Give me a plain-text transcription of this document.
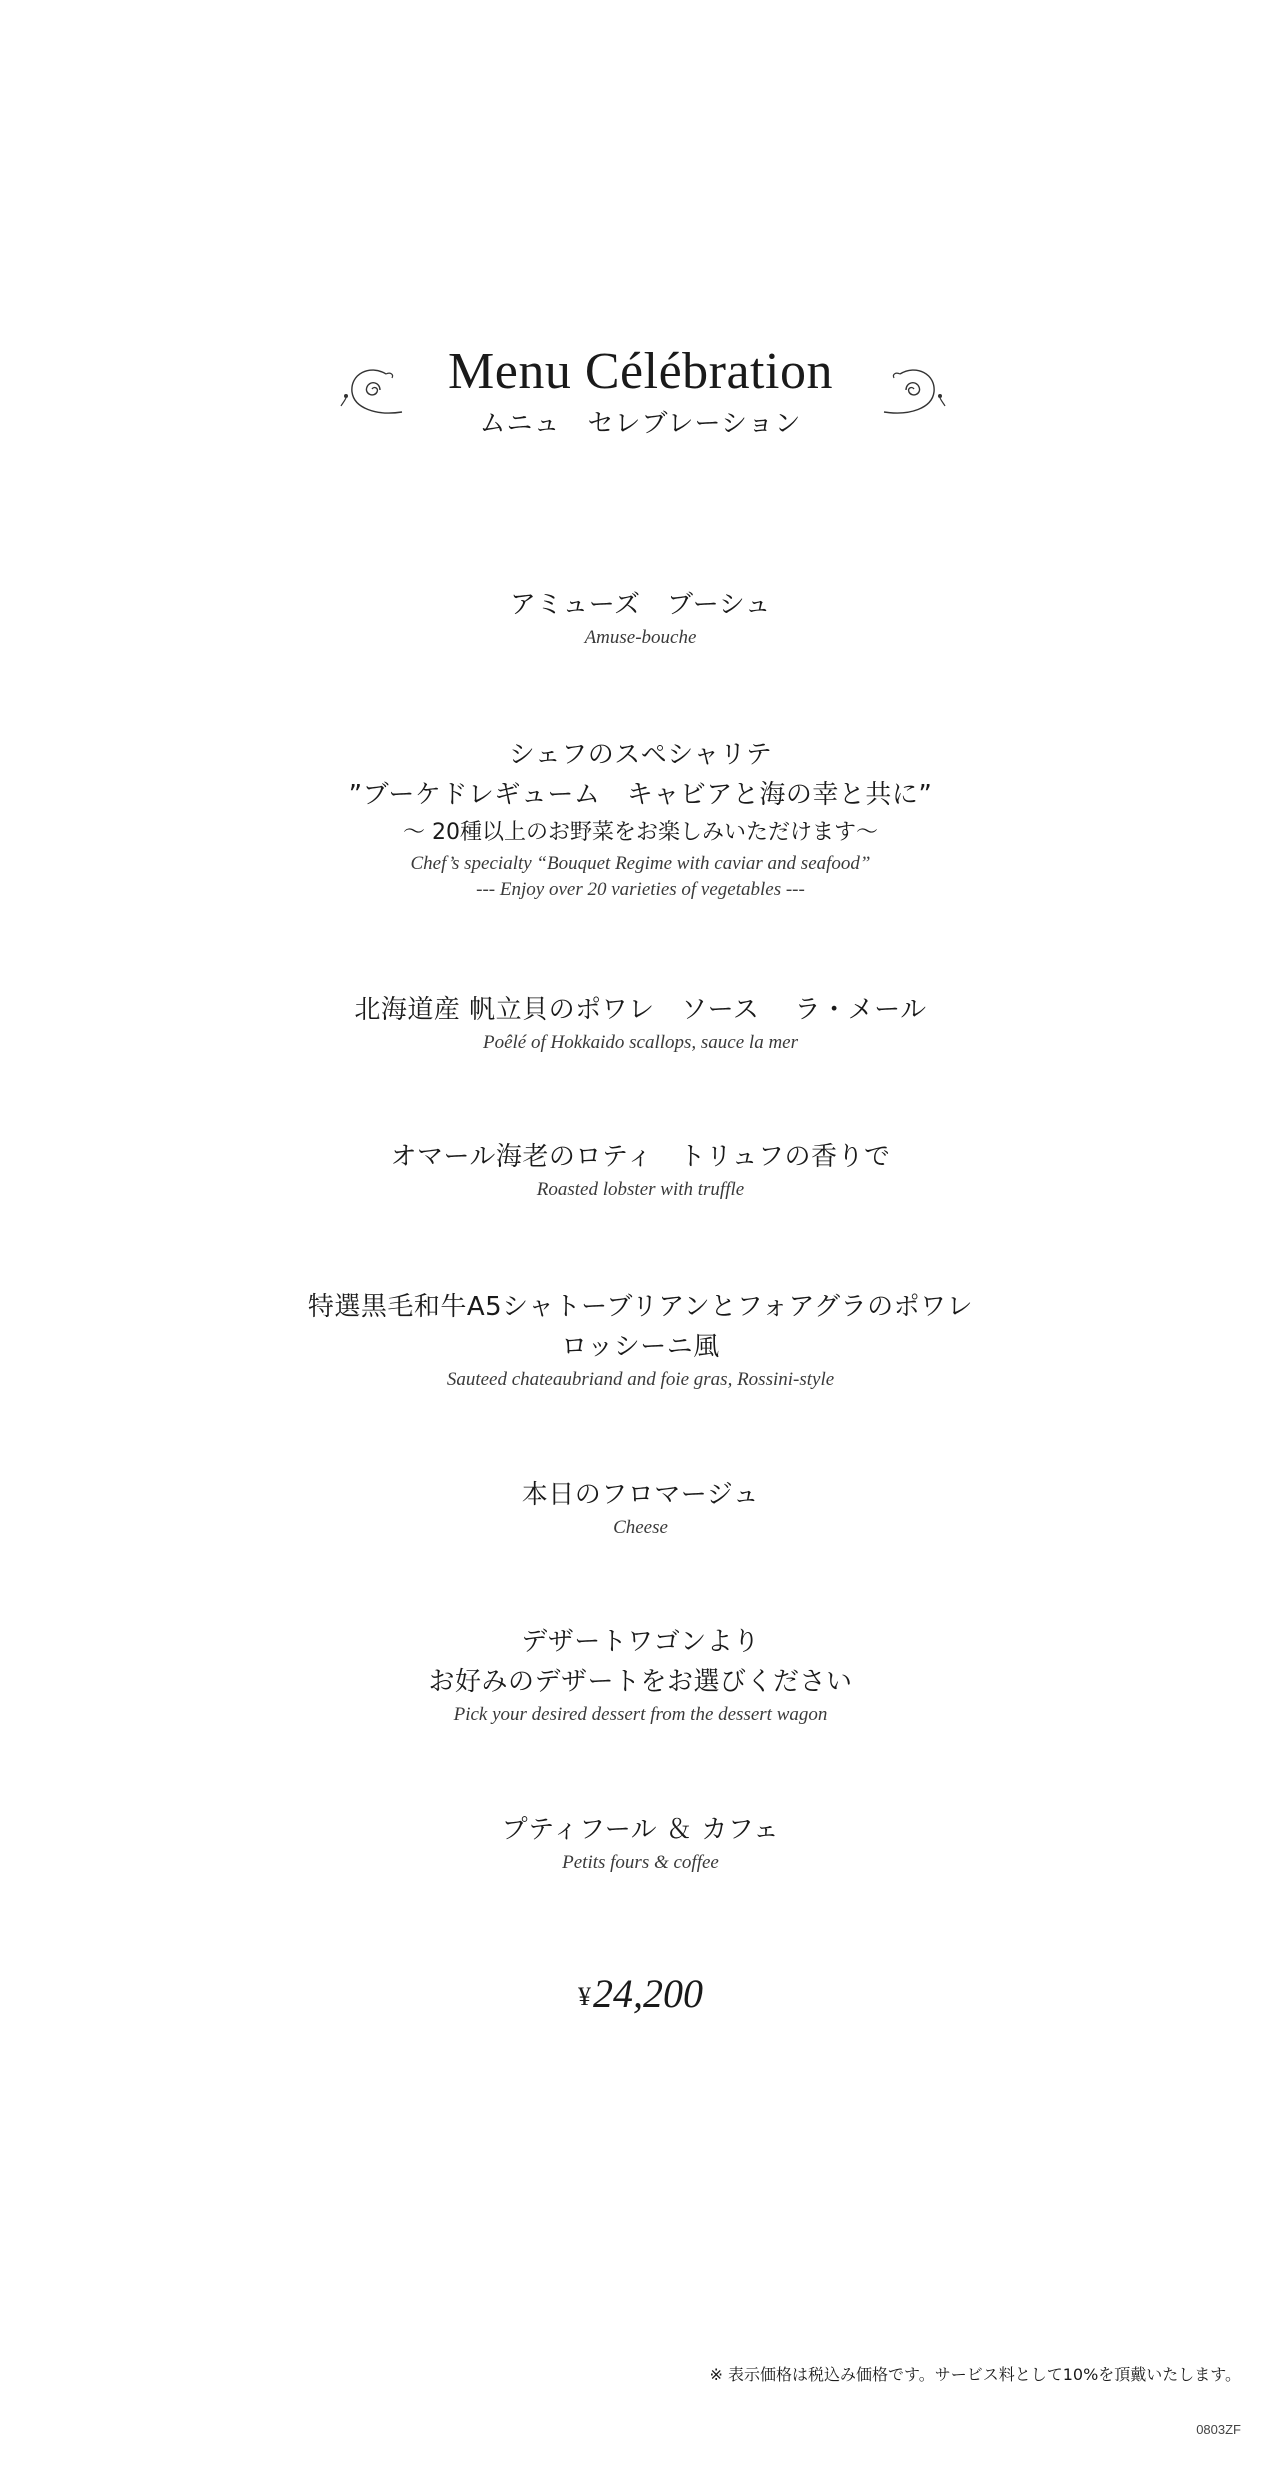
Menu Célébration
ムニュ　セレブレーション
アミューズ　ブーシュ
Amuse-bouche
シェフのスペシャリテ
”ブーケドレギューム　キャビアと海の幸と共に”
〜 20種以上のお野菜をお楽しみいただけます〜
Chef’s specialty “Bouquet Regime with caviar and seafood”
--- Enjoy over 20 varieties of vegetables ---
北海道産 帆立貝のポワレ　ソース　 ラ・メール
Poêlé of Hokkaido scallops, sauce la mer
オマール海老のロティ　トリュフの香りで
Roasted lobster with truffle
特選黒毛和牛A5シャトーブリアンとフォアグラのポワレ
ロッシーニ風
Sauteed chateaubriand and foie gras, Rossini-style
本日のフロマージュ
Cheese
デザートワゴンより
お好みのデザートをお選びください
Pick your desired dessert from the dessert wagon
プティフール ＆ カフェ
Petits fours & coffee
¥24,200
※ 表示価格は税込み価格です。サービス料として10%を頂戴いたします。
0803ZF
